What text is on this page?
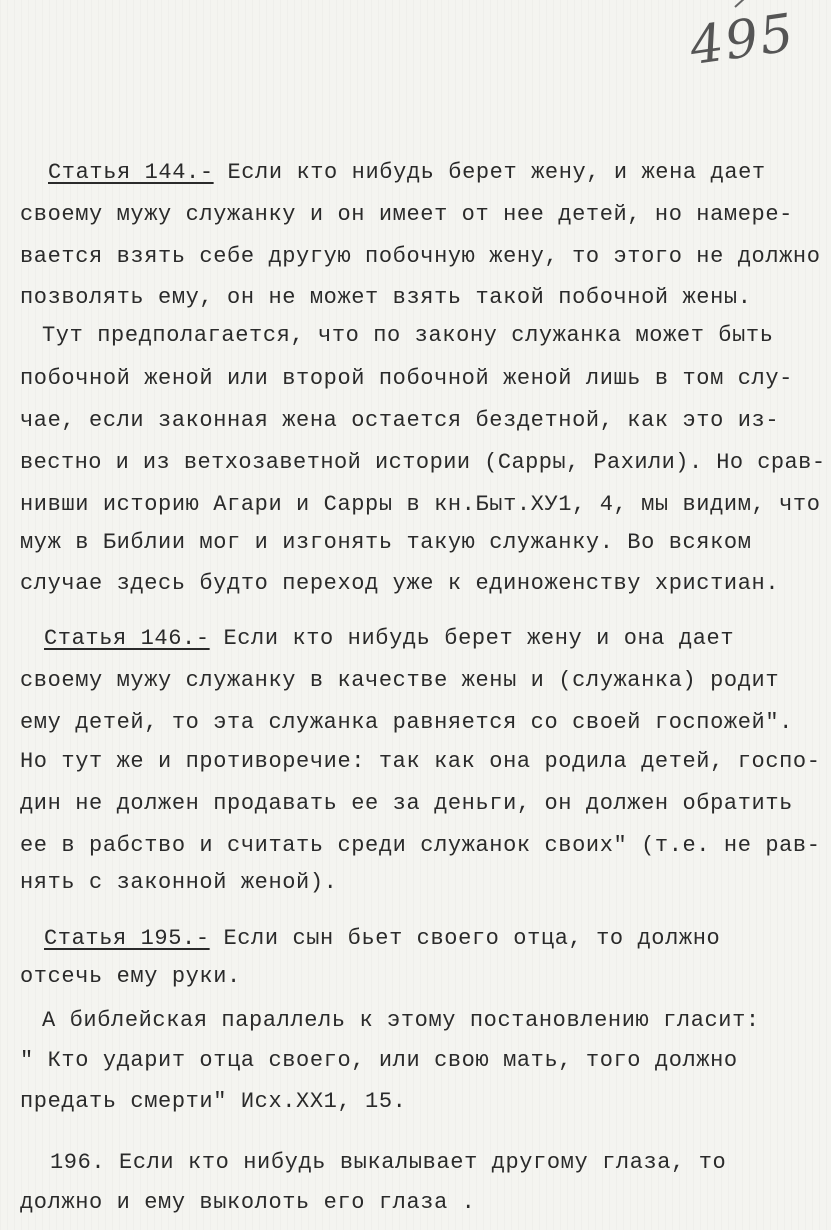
495
Статья 144.- Если кто нибудь берет жену, и жена дает
своему мужу служанку и он имеет от нее детей, но намере-
вается взять себе другую побочную жену, то этого не должно
позволять ему, он не может взять такой побочной жены.
Тут предполагается, что по закону служанка может быть
побочной женой или второй побочной женой лишь в том слу-
чае, если законная жена остается бездетной, как это из-
вестно и из ветхозаветной истории (Сарры, Рахили). Но срав-
нивши историю Агари и Сарры в кн.Быт.ХУ1, 4, мы видим, что
муж в Библии мог и изгонять такую служанку. Во всяком
случае здесь будто переход уже к единоженству христиан.
Статья 146.- Если кто нибудь берет жену и она дает
своему мужу служанку в качестве жены и (служанка) родит
ему детей, то эта служанка равняется со своей госпожей".
Но тут же и противоречие: так как она родила детей, госпо-
дин не должен продавать ее за деньги, он должен обратить
ее в рабство и считать среди служанок своих" (т.е. не рав-
нять с законной женой).
Статья 195.- Если сын бьет своего отца, то должно
отсечь ему руки.
А библейская параллель к этому постановлению гласит:
" Кто ударит отца своего, или свою мать, того должно
предать смерти" Исх.ХХ1, 15.
196. Если кто нибудь выкалывает другому глаза, то
должно и ему выколоть его глаза .
